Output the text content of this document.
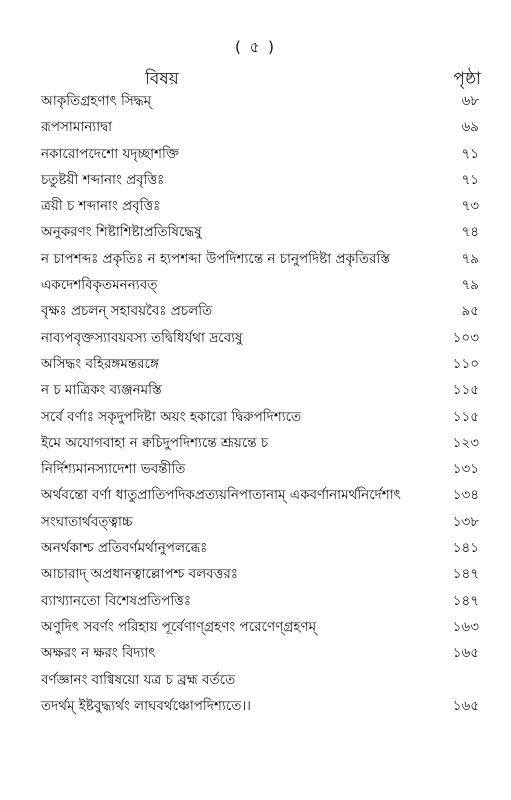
( ৫ )
বিষয়	পৃষ্ঠা
আকৃতিগ্রহণাৎ সিদ্ধম্	৬৮
রূপসামান্যাদ্বা	৬৯
নকারোপদেশো যদৃচ্ছাশক্তি	৭১
চতুষ্টয়ী শব্দানাং প্রবৃত্তিঃ	৭১
ত্রয়ী চ শব্দানাং প্রবৃত্তিঃ	৭৩
অনুকরণং শিষ্টাশিষ্টাপ্রতিষিদ্ধেষু	৭৪
ন চাপশব্দঃ প্রকৃতিঃ ন হ্যপশব্দা উপদিশ্যন্তে ন চানুপদিষ্টা প্রকৃতিরস্তি	৭৯
একদেশবিকৃতমনন্যবত্	৭৯
বৃক্ষঃ প্রচলন্ সহাবয়বৈঃ প্রচলতি	৯৫
নাব্যপবৃক্তস্যাবয়বস্য তদ্বিধির্যথা দ্রব্যেষু	১০৩
অসিদ্ধং বহিরঙ্গমন্তরঙ্গে	১১০
ন চ মাত্রিকং ব্যঞ্জনমস্তি	১১৫
সর্বে বর্ণাঃ সকৃদুপদিষ্টা অয়ং হকারো দ্বিরুপদিশ্যতে	১১৫
ইমে অযোগবাহা ন ক্বচিদুপদিশ্যন্তে শ্রূয়ন্তে চ	১২৩
নির্দিশ্যমানস্যাদেশা ভবন্তীতি	১৩১
অর্থবন্তো বর্ণা ধাতুপ্রাতিপদিকপ্রত্যয়নিপাতানাম্ একবর্ণানামর্থনির্দেশাৎ	১৩৪
সংঘাতার্থবত্ত্বাচ্চ	১৩৮
অনর্থকাশ্চ প্রতিবর্ণমর্থানুপলব্ধেঃ	১৪১
আচারাদ্ অপ্রধানত্বাল্লোপশ্চ বলবত্তরঃ	১৪৭
ব্যাখ্যানতো বিশেষপ্রতিপত্তিঃ	১৪৭
অণুদিৎ সবর্ণং পরিহায় পূর্বেণাণ্গ্রহণং পরেণেণ্গ্রহণম্	১৬৩
অক্ষরং ন ক্ষরং বিদ্যাৎ	১৬৫
বর্ণজ্ঞানং বাগ্বিষয়ো যত্র চ ব্রহ্ম বর্ততে
তদর্থম্ ইষ্টবুদ্ধ্যর্থং লাঘবর্থঞ্চোপদিশ্যতে।।	১৬৫
